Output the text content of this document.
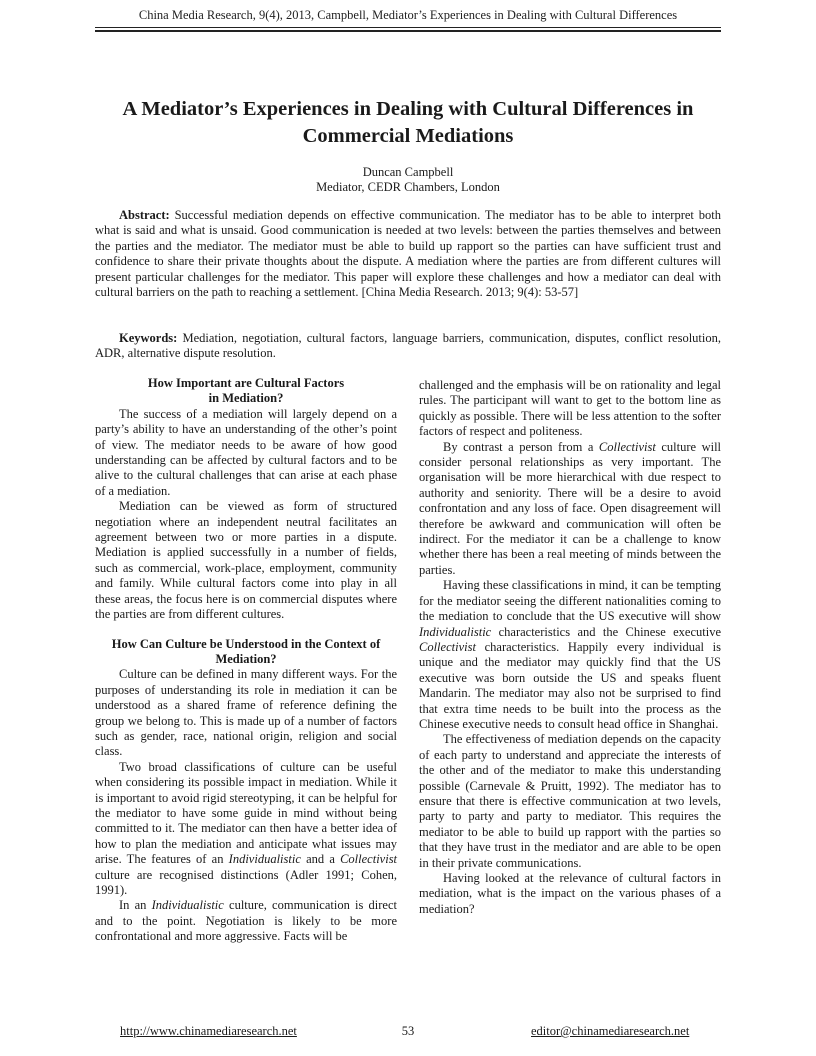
China Media Research, 9(4), 2013, Campbell, Mediator’s Experiences in Dealing with Cultural Differences
A Mediator’s Experiences in Dealing with Cultural Differences in Commercial Mediations
Duncan Campbell
Mediator, CEDR Chambers, London

Abstract: Successful mediation depends on effective communication. The mediator has to be able to interpret both what is said and what is unsaid. Good communication is needed at two levels: between the parties themselves and between the parties and the mediator. The mediator must be able to build up rapport so the parties can have sufficient trust and confidence to share their private thoughts about the dispute. A mediation where the parties are from different cultures will present particular challenges for the mediator. This paper will explore these challenges and how a mediator can deal with cultural barriers on the path to reaching a settlement. [China Media Research. 2013; 9(4): 53-57]

Keywords: Mediation, negotiation, cultural factors, language barriers, communication, disputes, conflict resolution, ADR, alternative dispute resolution.

How Important are Cultural Factors
in Mediation?

The success of a mediation will largely depend on a party’s ability to have an understanding of the other’s point of view. The mediator needs to be aware of how good understanding can be affected by cultural factors and to be alive to the cultural challenges that can arise at each phase of a mediation.

Mediation can be viewed as form of structured negotiation where an independent neutral facilitates an agreement between two or more parties in a dispute. Mediation is applied successfully in a number of fields, such as commercial, work-place, employment, community and family. While cultural factors come into play in all these areas, the focus here is on commercial disputes where the parties are from different cultures.

How Can Culture be Understood in the Context of
Mediation?

Culture can be defined in many different ways. For the purposes of understanding its role in mediation it can be understood as a shared frame of reference defining the group we belong to. This is made up of a number of factors such as gender, race, national origin, religion and social class.

Two broad classifications of culture can be useful when considering its possible impact in mediation. While it is important to avoid rigid stereotyping, it can be helpful for the mediator to have some guide in mind without being committed to it. The mediator can then have a better idea of how to plan the mediation and anticipate what issues may arise. The features of an Individualistic and a Collectivist culture are recognised distinctions (Adler 1991; Cohen, 1991).

In an Individualistic culture, communication is direct and to the point. Negotiation is likely to be more confrontational and more aggressive. Facts will be

challenged and the emphasis will be on rationality and legal rules. The participant will want to get to the bottom line as quickly as possible. There will be less attention to the softer factors of respect and politeness.

By contrast a person from a Collectivist culture will consider personal relationships as very important. The organisation will be more hierarchical with due respect to authority and seniority. There will be a desire to avoid confrontation and any loss of face. Open disagreement will therefore be awkward and communication will often be indirect. For the mediator it can be a challenge to know whether there has been a real meeting of minds between the parties.

Having these classifications in mind, it can be tempting for the mediator seeing the different nationalities coming to the mediation to conclude that the US executive will show Individualistic characteristics and the Chinese executive Collectivist characteristics. Happily every individual is unique and the mediator may quickly find that the US executive was born outside the US and speaks fluent Mandarin. The mediator may also not be surprised to find that extra time needs to be built into the process as the Chinese executive needs to consult head office in Shanghai.

The effectiveness of mediation depends on the capacity of each party to understand and appreciate the interests of the other and of the mediator to make this understanding possible (Carnevale & Pruitt, 1992). The mediator has to ensure that there is effective communication at two levels, party to party and party to mediator. This requires the mediator to be able to build up rapport with the parties so that they have trust in the mediator and are able to be open in their private communications.

Having looked at the relevance of cultural factors in mediation, what is the impact on the various phases of a mediation?

53
http://www.chinamediaresearch.net	editor@chinamediaresearch.net
